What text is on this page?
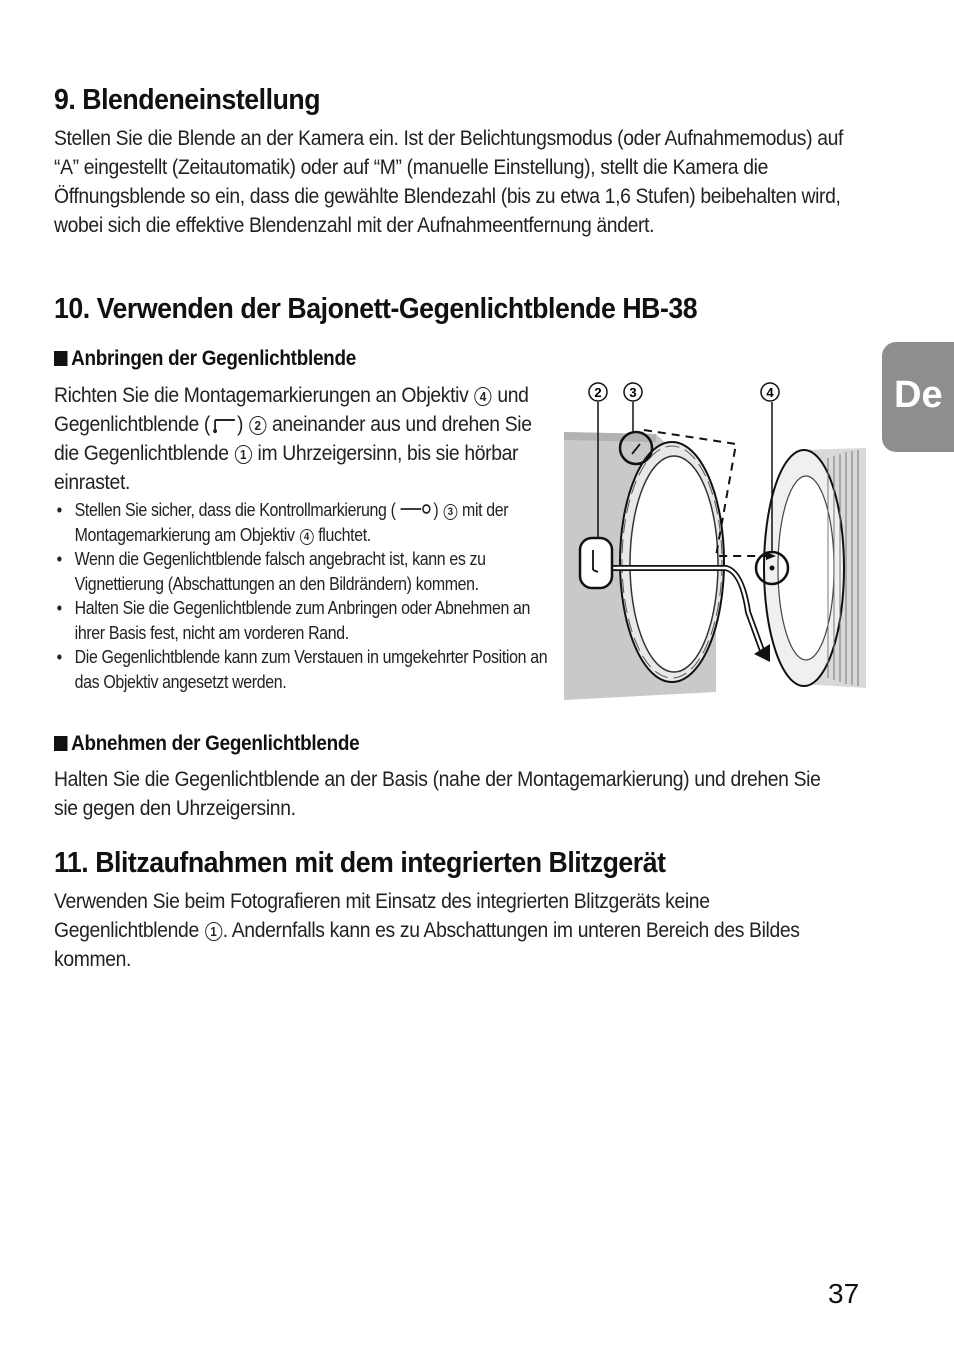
9. Blendeneinstellung

Stellen Sie die Blende an der Kamera ein. Ist der Belichtungsmodus (oder Aufnahmemodus) auf “A” eingestellt (Zeitautomatik) oder auf “M” (manuelle Einstellung), stellt die Kamera die Öffnungsblende so ein, dass die gewählte Blendezahl (bis zu etwa 1,6 Stufen) beibehalten wird, wobei sich die effektive Blendenzahl mit der Aufnahmeentfernung ändert.

10. Verwenden der Bajonett-Gegenlichtblende HB-38
Anbringen der Gegenlichtblende

Richten Sie die Montagemarkierungen an Objektiv 4 und Gegenlichtblende ( ) 2 aneinander aus und drehen Sie die Gegenlichtblende 1 im Uhrzeigersinn, bis sie hörbar einrastet.

• Stellen Sie sicher, dass die Kontrollmarkierung ( ) 3 mit der Montagemarkierung am Objektiv 4 fluchtet.
• Wenn die Gegenlichtblende falsch angebracht ist, kann es zu Vignettierung (Abschattungen an den Bildrändern) kommen.
• Halten Sie die Gegenlichtblende zum Anbringen oder Abnehmen an ihrer Basis fest, nicht am vorderen Rand.
• Die Gegenlichtblende kann zum Verstauen in umgekehrter Position an das Objektiv angesetzt werden.
2 3	4
Abnehmen der Gegenlichtblende

Halten Sie die Gegenlichtblende an der Basis (nahe der Montagemarkierung) und drehen Sie sie gegen den Uhrzeigersinn.

11. Blitzaufnahmen mit dem integrierten Blitzgerät

Verwenden Sie beim Fotografieren mit Einsatz des integrierten Blitzgeräts keine Gegenlichtblende 1 . Andernfalls kann es zu Abschattungen im unteren Bereich des Bildes kommen.

De
37
